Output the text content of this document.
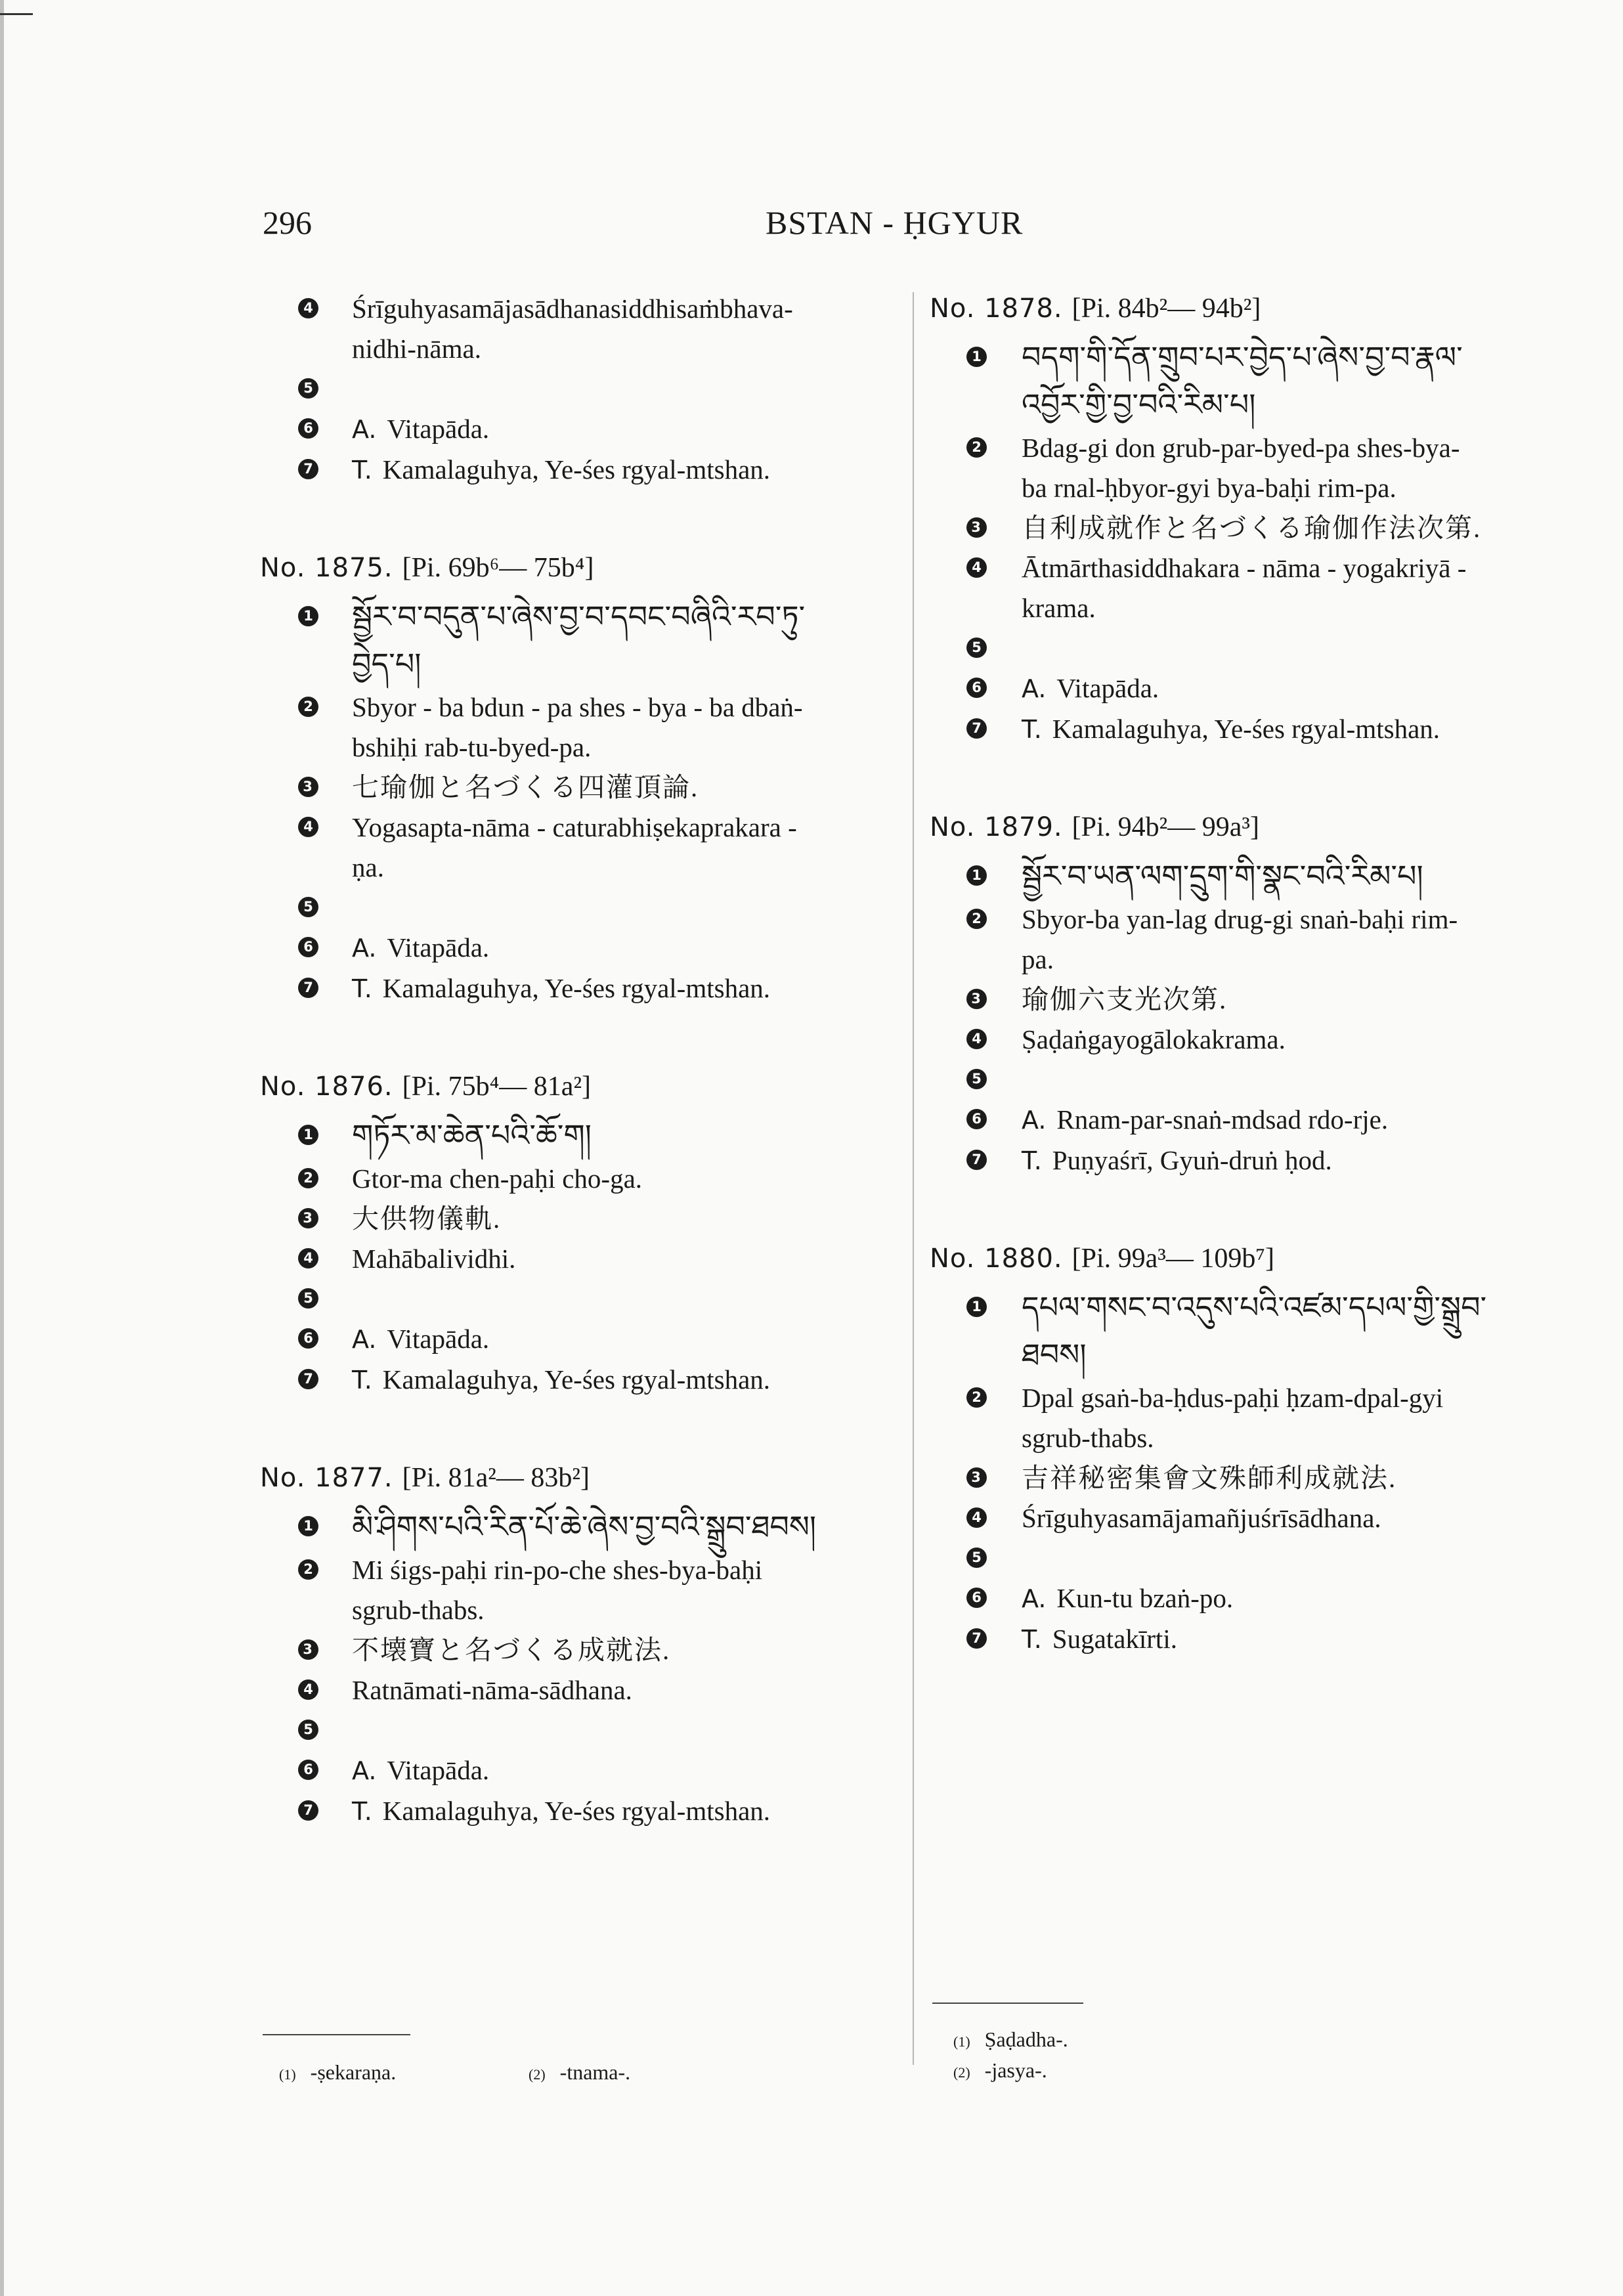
296	BSTAN - ḤGYUR
4 Śrīguhyasamājasādhanasiddhisaṁbhava-
nidhi-nāma.
5
6 A. Vitapāda.
7 T. Kamalaguhya, Ye-śes rgyal-mtshan.
No. 1875. [Pi. 69b⁶— 75b⁴]
1 སྦྱོར་བ་བདུན་པ་ཞེས་བྱ་བ་དབང་བཞིའི་རབ་ཏུ་
བྱེད་པ།
2 Sbyor - ba bdun - pa shes - bya - ba dbaṅ-
bshiḥi rab-tu-byed-pa.
3 七瑜伽と名づくる四灌頂論.
4 Yogasapta-nāma - caturabhiṣekaprakara -
ṇa.
5
6 A. Vitapāda.
7 T. Kamalaguhya, Ye-śes rgyal-mtshan.
No. 1876. [Pi. 75b⁴— 81a²]
1 གཏོར་མ་ཆེན་པའི་ཆོ་ག།
2 Gtor-ma chen-paḥi cho-ga.
3 大供物儀軌.
4 Mahābalividhi.
5
6 A. Vitapāda.
7 T. Kamalaguhya, Ye-śes rgyal-mtshan.
No. 1877. [Pi. 81a²— 83b²]
1 མི་ཤིགས་པའི་རིན་པོ་ཆེ་ཞེས་བྱ་བའི་སྒྲུབ་ཐབས།
2 Mi śigs-paḥi rin-po-che shes-bya-baḥi
sgrub-thabs.
3 不壊寶と名づくる成就法.
4 Ratnāmati-nāma-sādhana.
5
6 A. Vitapāda.
7 T. Kamalaguhya, Ye-śes rgyal-mtshan.
No. 1878. [Pi. 84b²— 94b²]
1 བདག་གི་དོན་གྲུབ་པར་བྱེད་པ་ཞེས་བྱ་བ་རྣལ་
འབྱོར་གྱི་བྱ་བའི་རིམ་པ།
2 Bdag-gi don grub-par-byed-pa shes-bya-
ba rnal-ḥbyor-gyi bya-baḥi rim-pa.
3 自利成就作と名づくる瑜伽作法次第.
4 Ātmārthasiddhakara - nāma - yogakriyā -
krama.
5
6 A. Vitapāda.
7 T. Kamalaguhya, Ye-śes rgyal-mtshan.
No. 1879. [Pi. 94b²— 99a³]
1 སྦྱོར་བ་ཡན་ལག་དྲུག་གི་སྣང་བའི་རིམ་པ།
2 Sbyor-ba yan-lag drug-gi snaṅ-baḥi rim-
pa.
3 瑜伽六支光次第.
4 Ṣaḍaṅgayogālokakrama.
5
6 A. Rnam-par-snaṅ-mdsad rdo-rje.
7 T. Puṇyaśrī, Gyuṅ-druṅ ḥod.
No. 1880. [Pi. 99a³— 109b⁷]
1 དཔལ་གསང་བ་འདུས་པའི་འཛམ་དཔལ་གྱི་སྒྲུབ་
ཐབས།
2 Dpal gsaṅ-ba-ḥdus-paḥi ḥzam-dpal-gyi
sgrub-thabs.
3 吉祥秘密集會文殊師利成就法.
4 Śrīguhyasamājamañjuśrīsādhana.
5
6 A. Kun-tu bzaṅ-po.
7 T. Sugatakīrti.
(1) -ṣekaraṇa.	(2) -tnama-.
(1) Ṣaḍadha-.
(2) -jasya-.
